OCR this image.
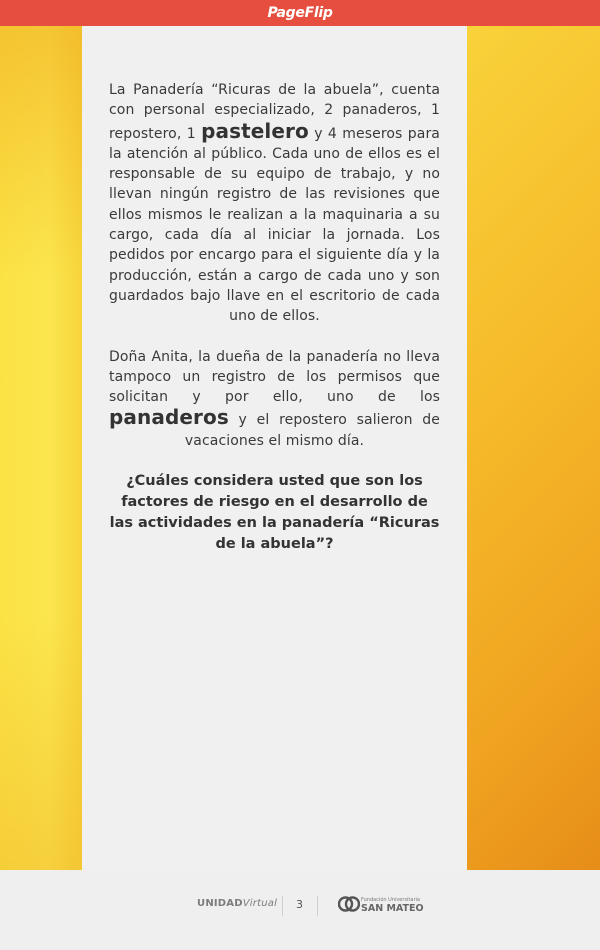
PageFlip

La Panadería “Ricuras de la abuela”, cuenta con personal especializado, 2 panaderos, 1 repostero, 1 pastelero y 4 meseros para la atención al público. Cada uno de ellos es el responsable de su equipo de trabajo, y no llevan ningún registro de las revisiones que ellos mismos le realizan a la maquinaria a su cargo, cada día al iniciar la jornada. Los pedidos por encargo para el siguiente día y la producción, están a cargo de cada uno y son guardados bajo llave en el escritorio de cada uno de ellos.

Doña Anita, la dueña de la panadería no lleva tampoco un registro de los permisos que solicitan y por ello, uno de los panaderos y el repostero salieron de vacaciones el mismo día.

¿Cuáles considera usted que son los factores de riesgo en el desarrollo de las actividades en la panadería “Ricuras de la abuela”?

UNIDADVirtual 3	Fundación Universitaria
SAN MATEO
